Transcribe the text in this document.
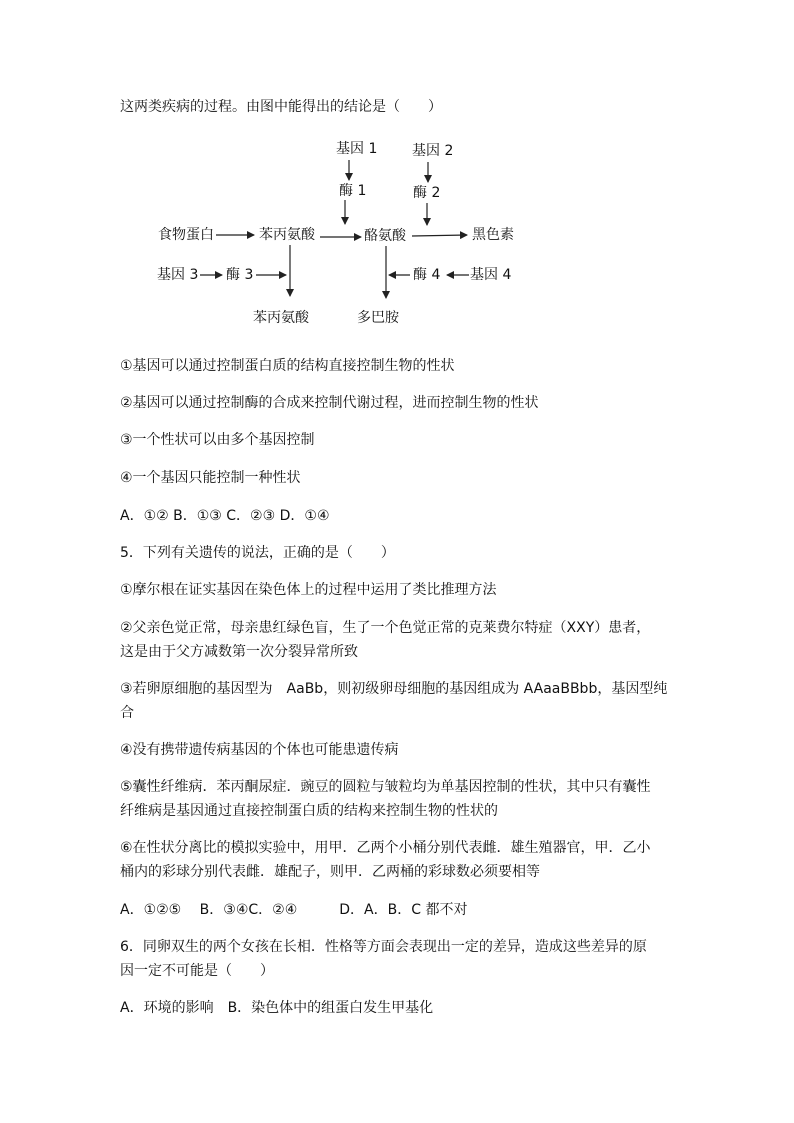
这两类疾病的过程。由图中能得出的结论是（　　）
基因 1
酶 1
基因 2
酶 2
食物蛋白	苯丙氨酸	酪氨酸	黑色素
基因 3 酶 3	酶 4 基因 4
苯丙氨酸	多巴胺
①基因可以通过控制蛋白质的结构直接控制生物的性状
②基因可以通过控制酶的合成来控制代谢过程，进而控制生物的性状
③一个性状可以由多个基因控制
④一个基因只能控制一种性状
A．①② B．①③ C．②③ D．①④
5．下列有关遗传的说法，正确的是（　　）
①摩尔根在证实基因在染色体上的过程中运用了类比推理方法
②父亲色觉正常，母亲患红绿色盲，生了一个色觉正常的克莱费尔特症（XXY）患者，
这是由于父方减数第一次分裂异常所致
③若卵原细胞的基因型为　AaBb，则初级卵母细胞的基因组成为 AAaaBBbb，基因型纯
合
④没有携带遗传病基因的个体也可能患遗传病
⑤囊性纤维病．苯丙酮尿症．豌豆的圆粒与皱粒均为单基因控制的性状，其中只有囊性
纤维病是基因通过直接控制蛋白质的结构来控制生物的性状的
⑥在性状分离比的模拟实验中，用甲．乙两个小桶分别代表雌．雄生殖器官，甲．乙小
桶内的彩球分别代表雌．雄配子，则甲．乙两桶的彩球数必须要相等
A．①②⑤　 B．③④C．②④　　　D．A．B．C 都不对
6．同卵双生的两个女孩在长相．性格等方面会表现出一定的差异，造成这些差异的原
因一定不可能是（　　）
A．环境的影响　B．染色体中的组蛋白发生甲基化
